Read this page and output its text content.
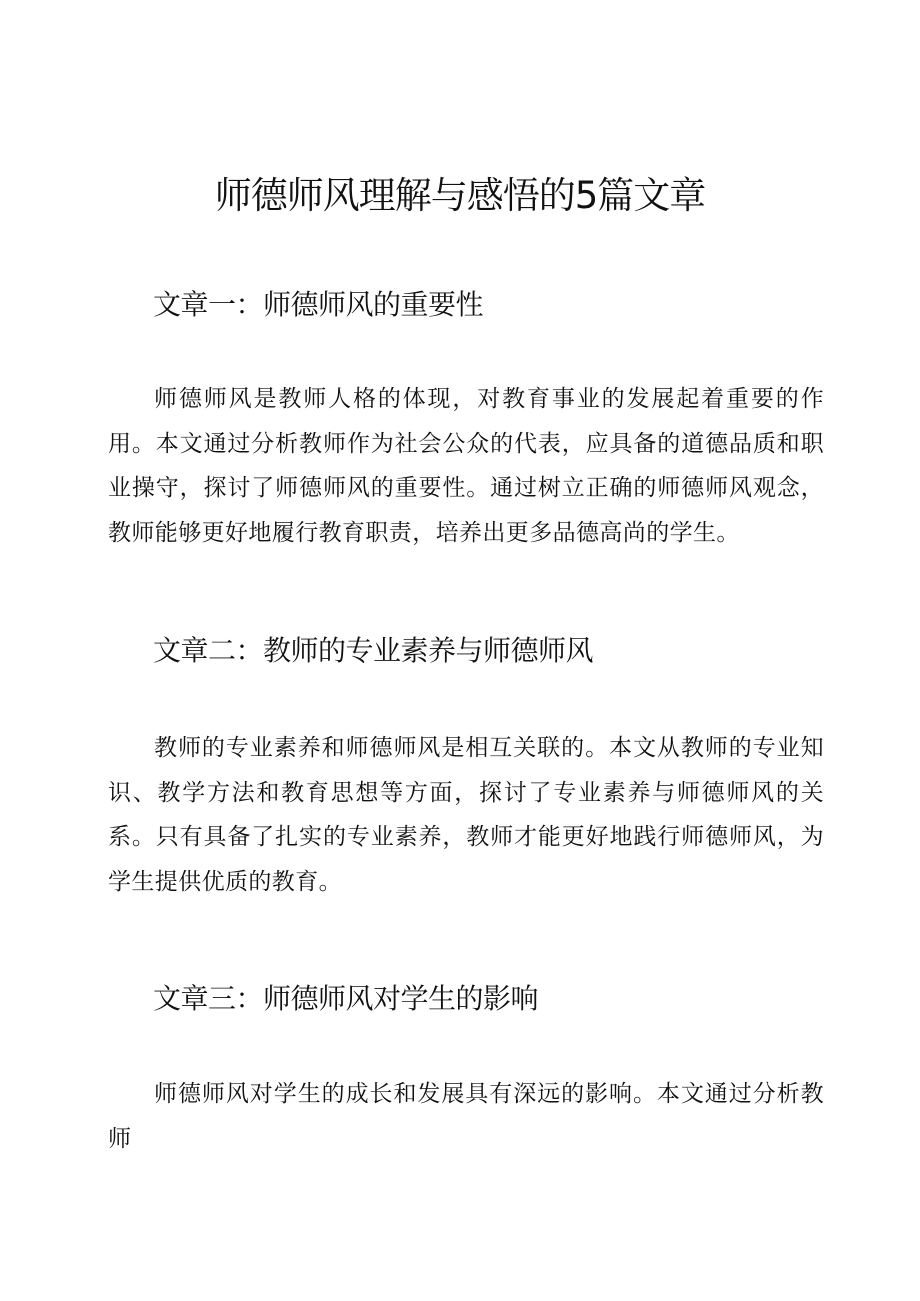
师德师风理解与感悟的5篇文章
文章一：师德师风的重要性

师德师风是教师人格的体现，对教育事业的发展起着重要的作用。本文通过分析教师作为社会公众的代表，应具备的道德品质和职业操守，探讨了师德师风的重要性。通过树立正确的师德师风观念，教师能够更好地履行教育职责，培养出更多品德高尚的学生。

文章二：教师的专业素养与师德师风

教师的专业素养和师德师风是相互关联的。本文从教师的专业知识、教学方法和教育思想等方面，探讨了专业素养与师德师风的关系。只有具备了扎实的专业素养，教师才能更好地践行师德师风，为学生提供优质的教育。

文章三：师德师风对学生的影响

师德师风对学生的成长和发展具有深远的影响。本文通过分析教师
